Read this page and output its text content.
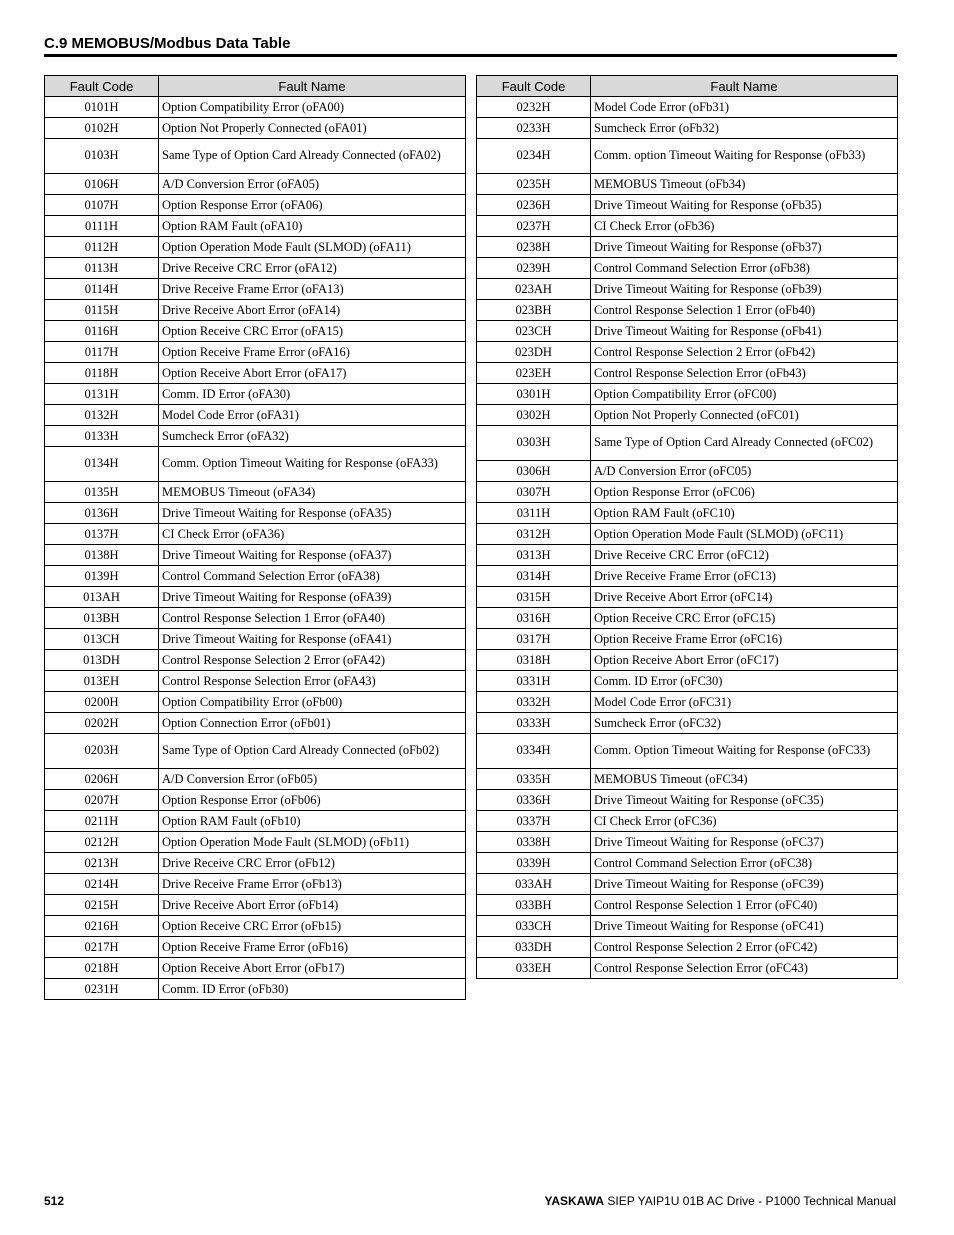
C.9 MEMOBUS/Modbus Data Table
Fault Code	Fault Name
0101H	Option Compatibility Error (oFA00)
0102H	Option Not Properly Connected (oFA01)
0103H	Same Type of Option Card Already Connected (oFA02)
0106H	A/D Conversion Error (oFA05)
0107H	Option Response Error (oFA06)
0111H	Option RAM Fault (oFA10)
0112H	Option Operation Mode Fault (SLMOD) (oFA11)
0113H	Drive Receive CRC Error (oFA12)
0114H	Drive Receive Frame Error (oFA13)
0115H	Drive Receive Abort Error (oFA14)
0116H	Option Receive CRC Error (oFA15)
0117H	Option Receive Frame Error (oFA16)
0118H	Option Receive Abort Error (oFA17)
0131H	Comm. ID Error (oFA30)
0132H	Model Code Error (oFA31)
0133H	Sumcheck Error (oFA32)
0134H	Comm. Option Timeout Waiting for Response (oFA33)
0135H	MEMOBUS Timeout (oFA34)
0136H	Drive Timeout Waiting for Response (oFA35)
0137H	CI Check Error (oFA36)
0138H	Drive Timeout Waiting for Response (oFA37)
0139H	Control Command Selection Error (oFA38)
013AH	Drive Timeout Waiting for Response (oFA39)
013BH	Control Response Selection 1 Error (oFA40)
013CH	Drive Timeout Waiting for Response (oFA41)
013DH	Control Response Selection 2 Error (oFA42)
013EH	Control Response Selection Error (oFA43)
0200H	Option Compatibility Error (oFb00)
0202H	Option Connection Error (oFb01)
0203H	Same Type of Option Card Already Connected (oFb02)
0206H	A/D Conversion Error (oFb05)
0207H	Option Response Error (oFb06)
0211H	Option RAM Fault (oFb10)
0212H	Option Operation Mode Fault (SLMOD) (oFb11)
0213H	Drive Receive CRC Error (oFb12)
0214H	Drive Receive Frame Error (oFb13)
0215H	Drive Receive Abort Error (oFb14)
0216H	Option Receive CRC Error (oFb15)
0217H	Option Receive Frame Error (oFb16)
0218H	Option Receive Abort Error (oFb17)
0231H	Comm. ID Error (oFb30)
Fault Code	Fault Name
0232H	Model Code Error (oFb31)
0233H	Sumcheck Error (oFb32)
0234H	Comm. option Timeout Waiting for Response (oFb33)
0235H	MEMOBUS Timeout (oFb34)
0236H	Drive Timeout Waiting for Response (oFb35)
0237H	CI Check Error (oFb36)
0238H	Drive Timeout Waiting for Response (oFb37)
0239H	Control Command Selection Error (oFb38)
023AH	Drive Timeout Waiting for Response (oFb39)
023BH	Control Response Selection 1 Error (oFb40)
023CH	Drive Timeout Waiting for Response (oFb41)
023DH	Control Response Selection 2 Error (oFb42)
023EH	Control Response Selection Error (oFb43)
0301H	Option Compatibility Error (oFC00)
0302H	Option Not Properly Connected (oFC01)
0303H	Same Type of Option Card Already Connected (oFC02)
0306H	A/D Conversion Error (oFC05)
0307H	Option Response Error (oFC06)
0311H	Option RAM Fault (oFC10)
0312H	Option Operation Mode Fault (SLMOD) (oFC11)
0313H	Drive Receive CRC Error (oFC12)
0314H	Drive Receive Frame Error (oFC13)
0315H	Drive Receive Abort Error (oFC14)
0316H	Option Receive CRC Error (oFC15)
0317H	Option Receive Frame Error (oFC16)
0318H	Option Receive Abort Error (oFC17)
0331H	Comm. ID Error (oFC30)
0332H	Model Code Error (oFC31)
0333H	Sumcheck Error (oFC32)
0334H	Comm. Option Timeout Waiting for Response (oFC33)
0335H	MEMOBUS Timeout (oFC34)
0336H	Drive Timeout Waiting for Response (oFC35)
0337H	CI Check Error (oFC36)
0338H	Drive Timeout Waiting for Response (oFC37)
0339H	Control Command Selection Error (oFC38)
033AH	Drive Timeout Waiting for Response (oFC39)
033BH	Control Response Selection 1 Error (oFC40)
033CH	Drive Timeout Waiting for Response (oFC41)
033DH	Control Response Selection 2 Error (oFC42)
033EH	Control Response Selection Error (oFC43)
512	YASKAWA SIEP YAIP1U 01B AC Drive - P1000 Technical Manual
